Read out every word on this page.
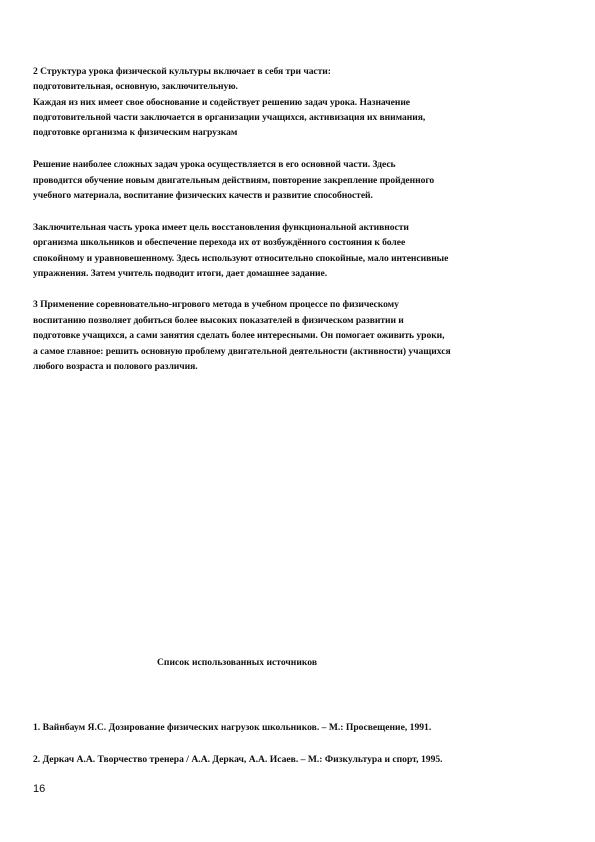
2 Структура урока физической культуры включает в себя три части:
подготовительная, основную, заключительную.
Каждая из них имеет свое обоснование и содействует решению задач урока. Назначение
подготовительной части заключается в организации учащихся, активизация их внимания,
подготовке организма к физическим нагрузкам
Решение наиболее сложных задач урока осуществляется в его основной части. Здесь
проводится обучение новым двигательным действиям, повторение закрепление пройденного
учебного материала, воспитание физических качеств и развитие способностей.
Заключительная часть урока имеет цель восстановления функциональной активности
организма школьников и обеспечение перехода их от возбуждённого состояния к более
спокойному и уравновешенному. Здесь используют относительно спокойные, мало интенсивные
упражнения. Затем учитель подводит итоги, дает домашнее задание.
3 Применение соревновательно-игрового метода в учебном процессе по физическому
воспитанию позволяет добиться более высоких показателей в физическом развитии и
подготовке учащихся, а сами занятия сделать более интересными. Он помогает оживить уроки,
а самое главное: решить основную проблему двигательной деятельности (активности) учащихся
любого возраста и полового различия.
Список использованных источников
1. Вайнбаум Я.С. Дозирование физических нагрузок школьников. – М.: Просвещение, 1991.
2. Деркач А.А. Творчество тренера / А.А. Деркач, А.А. Исаев. – М.: Физкультура и спорт, 1995.
16
